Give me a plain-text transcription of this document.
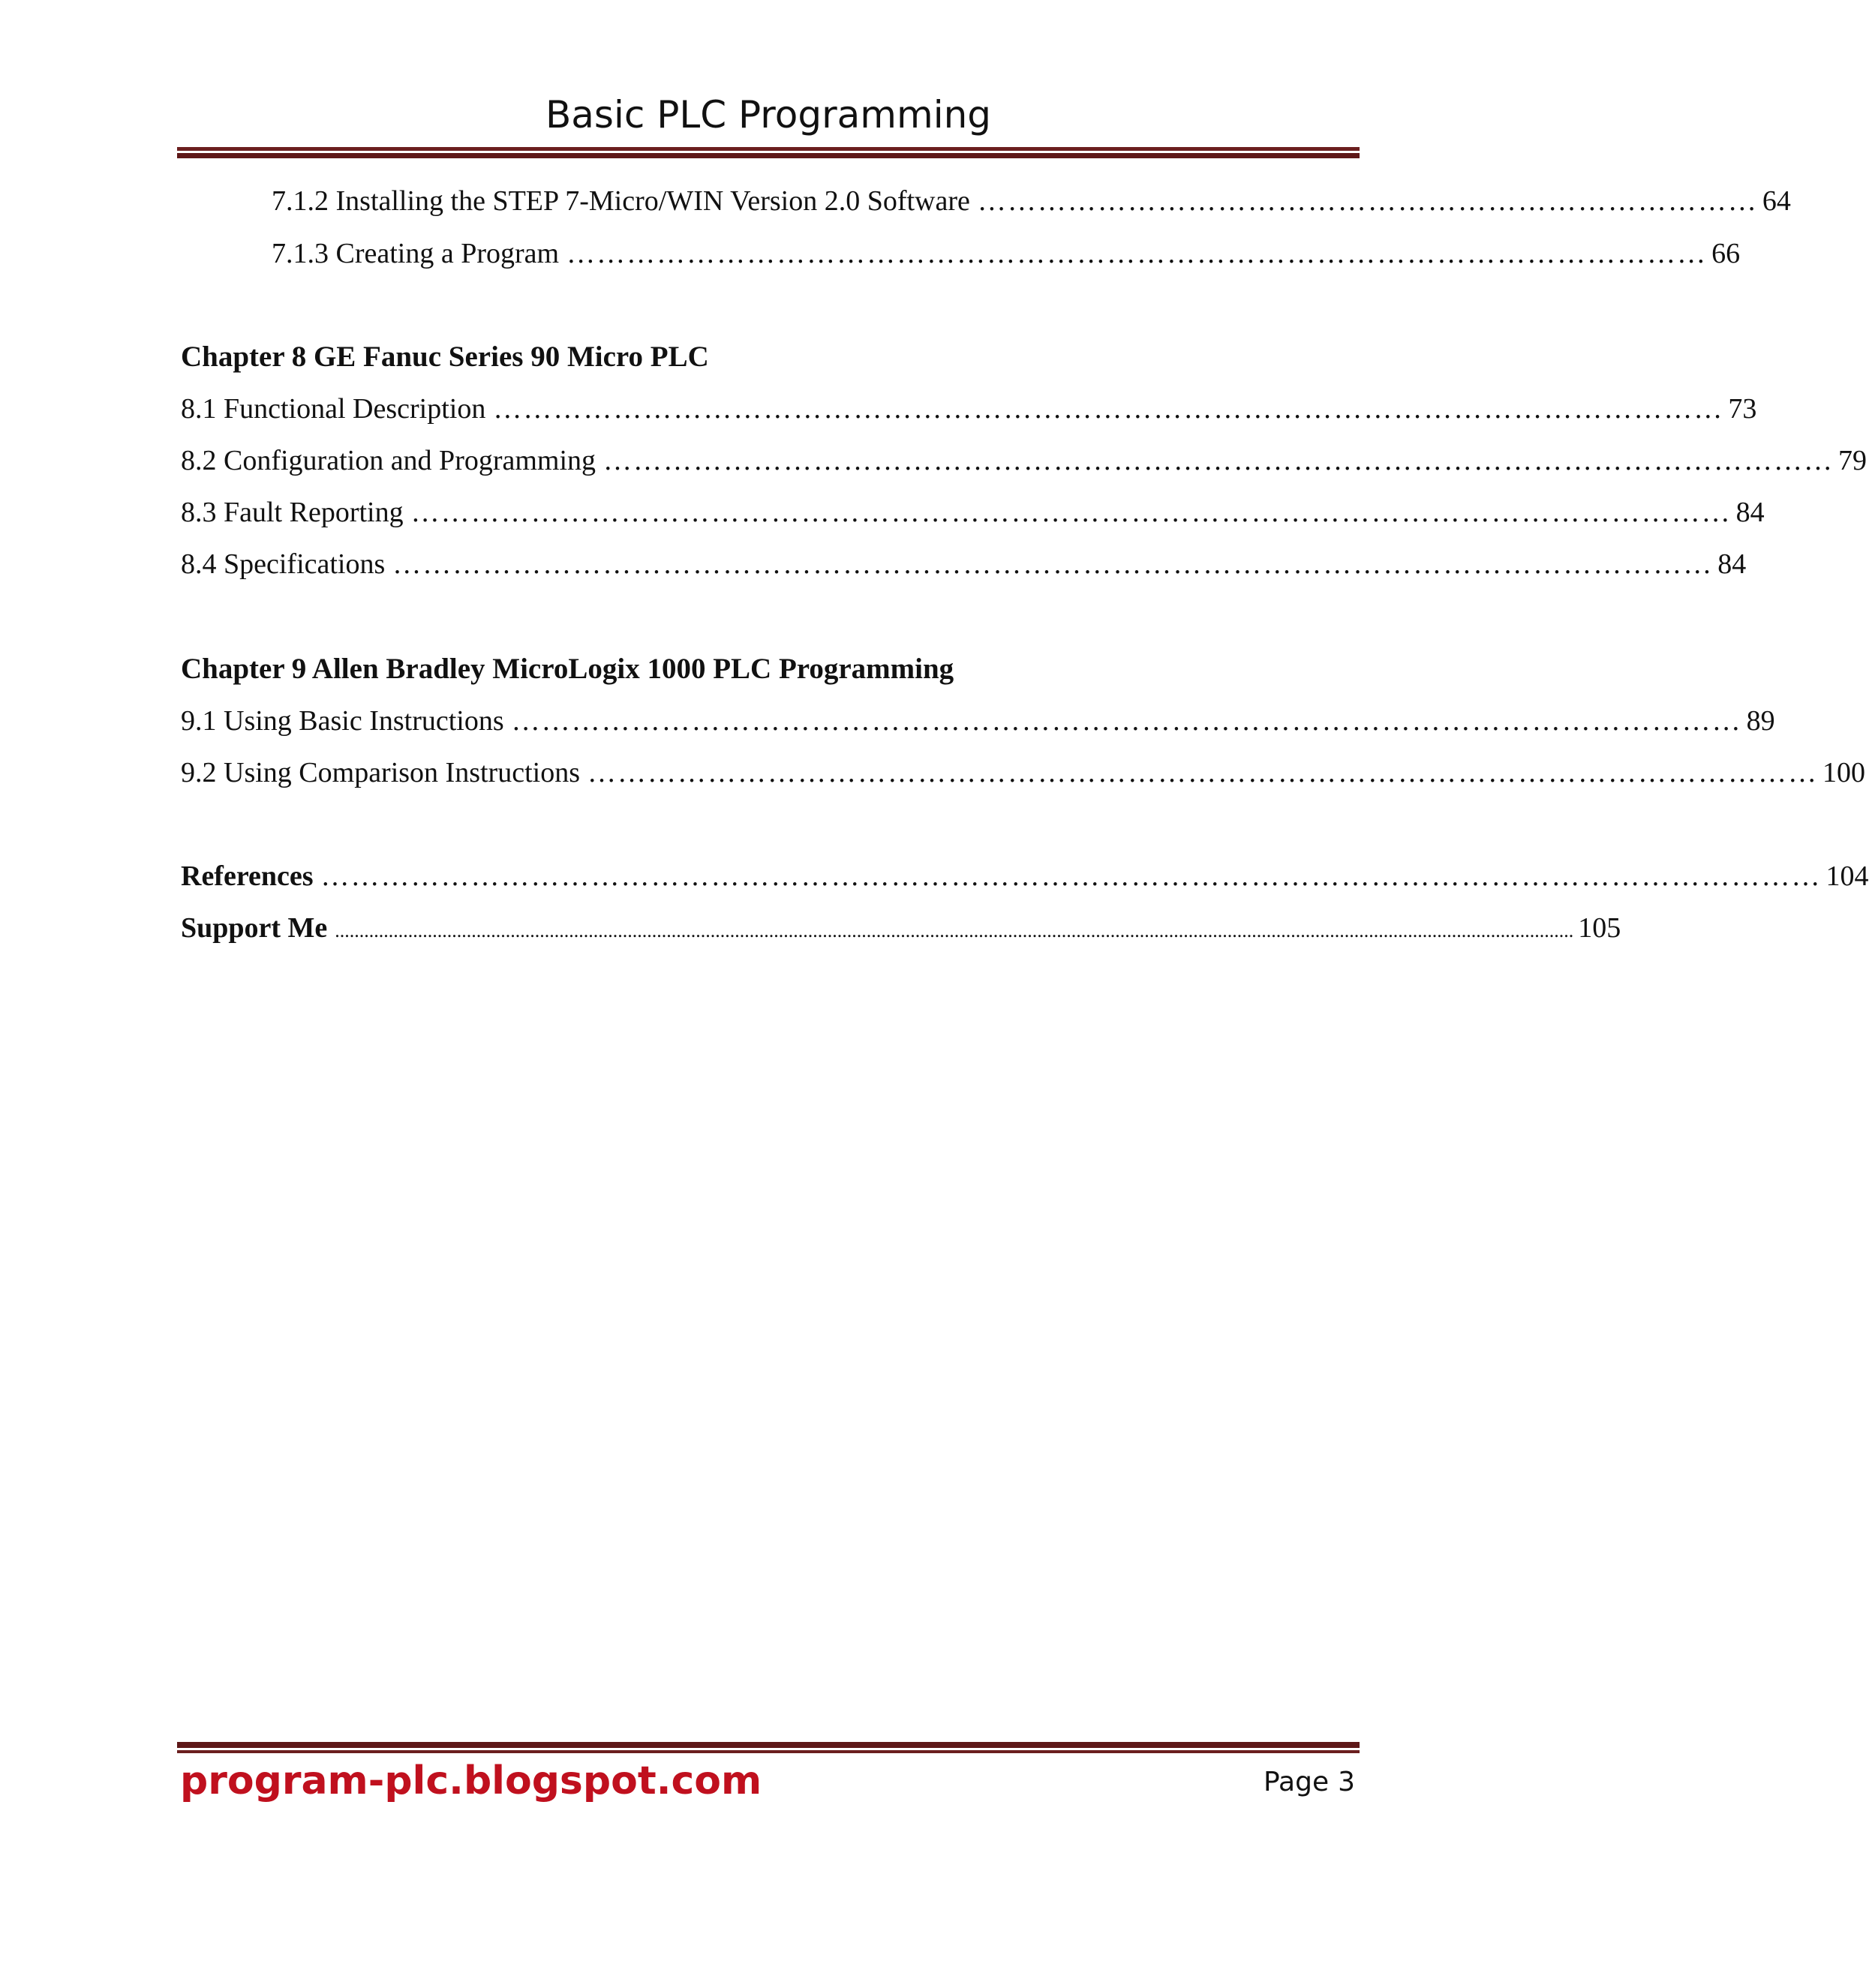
Basic PLC Programming
7.1.2 Installing the STEP 7-Micro/WIN Version 2.0 Software …………………………………………………………………… 64
7.1.3 Creating a Program …………………………………………………………………………………………………… 66
Chapter 8 GE Fanuc Series 90 Micro PLC
8.1 Functional Description …………………………………………………………………………………………………………… 73
8.2 Configuration and Programming …………………………………………………………………………………………………………… 79
8.3 Fault Reporting …………………………………………………………………………………………………………………… 84
8.4 Specifications …………………………………………………………………………………………………………………… 84
Chapter 9 Allen Bradley MicroLogix 1000 PLC Programming
9.1 Using Basic Instructions …………………………………………………………………………………………………………… 89
9.2 Using Comparison Instructions …………………………………………………………………………………………………………… 100
References …………………………………………………………………………………………………………………………………… 104
Support Me .............................................................................................................................................................................................................................................................. 105
program-plc.blogspot.com	Page 3
